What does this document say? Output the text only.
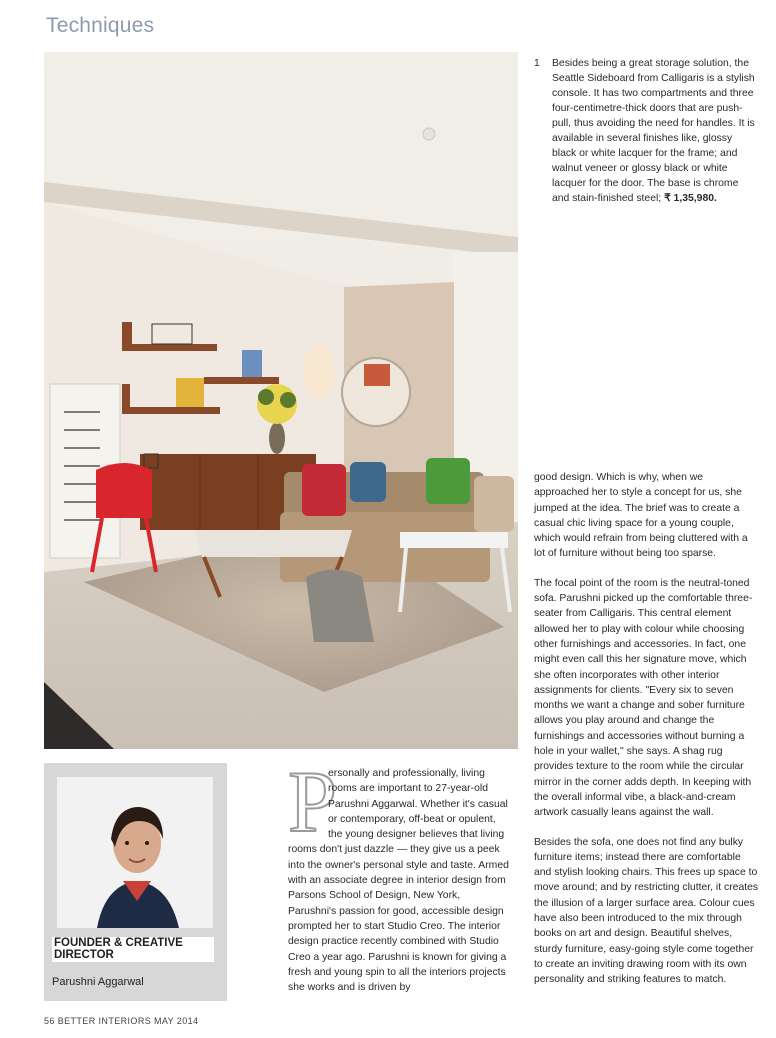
Techniques
1 Besides being a great storage solution, the Seattle Sideboard from Calligaris is a stylish console. It has two compartments and three four-centimetre-thick doors that are push-pull, thus avoiding the need for handles. It is available in several finishes like, glossy black or white lacquer for the frame; and walnut veneer or glossy black or white lacquer for the door. The base is chrome and stain-finished steel; ₹ 1,35,980.

good design. Which is why, when we approached her to style a concept for us, she jumped at the idea. The brief was to create a casual chic living space for a young couple, which would refrain from being cluttered with a lot of furniture without being too sparse.

The focal point of the room is the neutral-toned sofa. Parushni picked up the comfortable three-seater from Calligaris. This central element allowed her to play with colour while choosing other furnishings and accessories. In fact, one might even call this her signature move, which she often incorporates with other interior assignments for clients. "Every six to seven months we want a change and sober furniture allows you play around and change the furnishings and accessories without burning a hole in your wallet," she says. A shag rug provides texture to the room while the circular mirror in the corner adds depth. In keeping with the overall informal vibe, a black-and-cream artwork casually leans against the wall.

Besides the sofa, one does not find any bulky furniture items; instead there are comfortable and stylish looking chairs. This frees up space to move around; and by restricting clutter, it creates the illusion of a larger surface area. Colour cues have also been introduced to the mix through books on art and design. Beautiful shelves, sturdy furniture, easy-going style come together to create an inviting drawing room with its own personality and striking features to match.

FOUNDER & CREATIVE DIRECTOR
Parushni Aggarwal
P
ersonally and professionally, living rooms are important to 27-year-old Parushni Aggarwal. Whether it's casual or contemporary, off-beat or opulent, the young designer believes that living rooms don't just dazzle — they give us a peek into the owner's personal style and taste. Armed with an associate degree in interior design from Parsons School of Design, New York, Parushni's passion for good, accessible design prompted her to start Studio Creo. The interior design practice recently combined with Studio Creo a year ago. Parushni is known for giving a fresh and young spin to all the interiors projects she works and is driven by
56 BETTER INTERIORS MAY 2014
